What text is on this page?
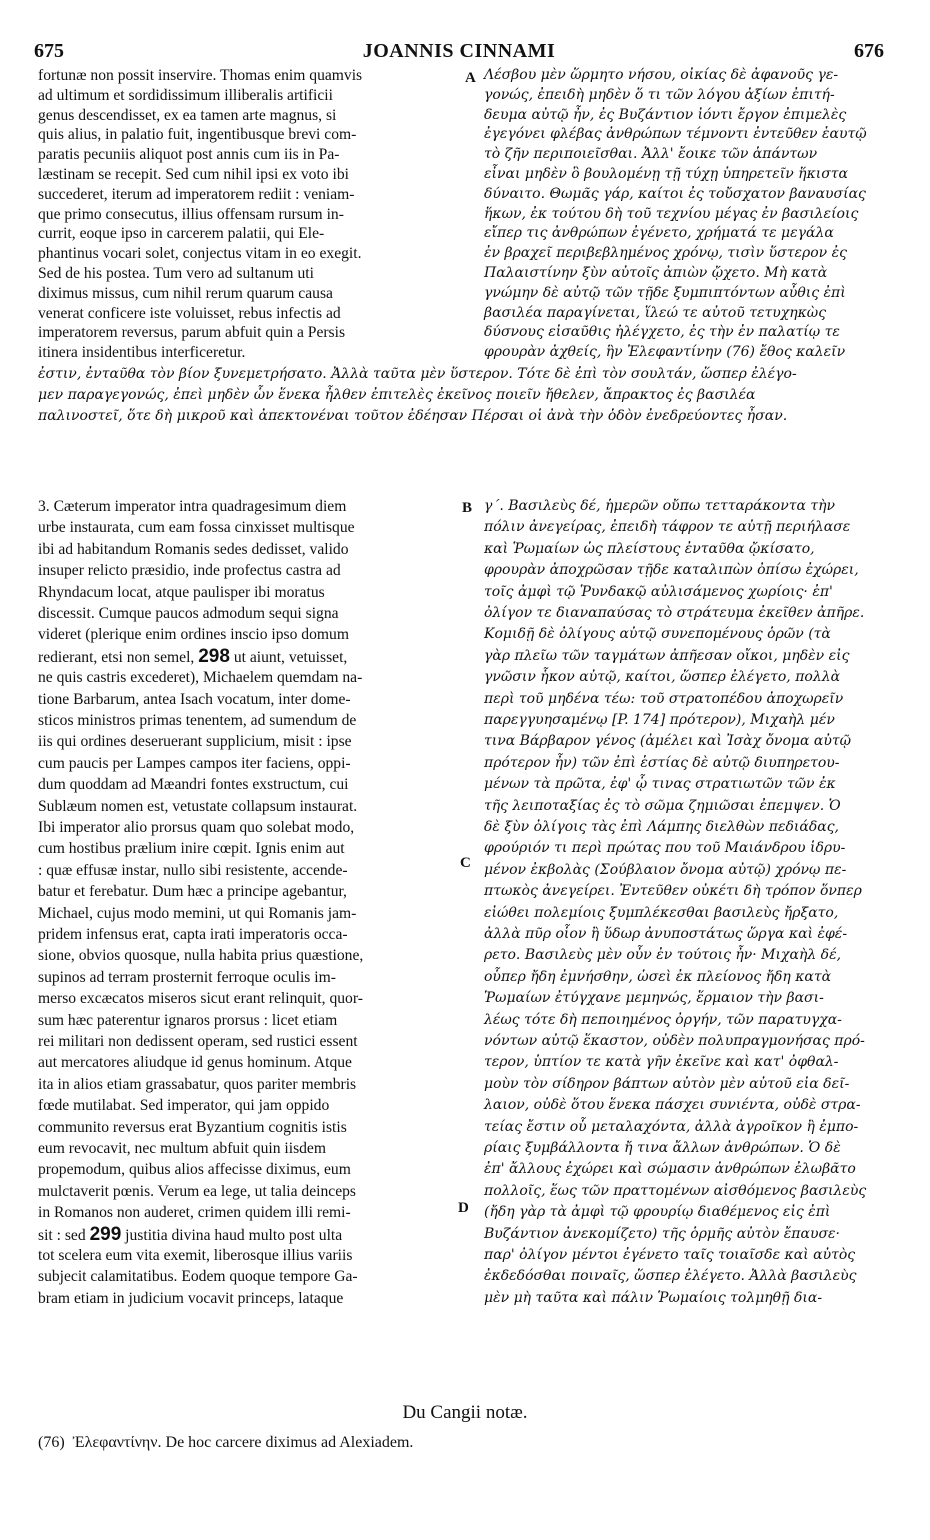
675	JOANNIS CINNAMI	676
A
B
C
D
fortunæ non possit inservire. Thomas enim quamvis
ad ultimum et sordidissimum illiberalis artificii
genus descendisset, ex ea tamen arte magnus, si
quis alius, in palatio fuit, ingentibusque brevi com-
paratis pecuniis aliquot post annis cum iis in Pa-
læstinam se recepit. Sed cum nihil ipsi ex voto ibi
succederet, iterum ad imperatorem rediit : veniam-
que primo consecutus, illius offensam rursum in-
currit, eoque ipso in carcerem palatii, qui Ele-
phantinus vocari solet, conjectus vitam in eo exegit.
Sed de his postea. Tum vero ad sultanum uti
diximus missus, cum nihil rerum quarum causa
venerat conficere iste voluisset, rebus infectis ad
imperatorem reversus, parum abfuit quin a Persis
itinera insidentibus interficeretur.
Λέσβου μὲν ὥρμητο νήσου, οἰκίας δὲ ἀφανοῦς γε-
γονώς, ἐπειδὴ μηδὲν ὅ τι τῶν λόγου ἀξίων ἐπιτή-
δευμα αὐτῷ ἦν, ἐς Βυζάντιον ἰόντι ἔργον ἐπιμελὲς
ἐγεγόνει φλέβας ἀνθρώπων τέμνοντι ἐντεῦθεν ἑαυτῷ
τὸ ζῆν περιποιεῖσθαι. Ἀλλ' ἔοικε τῶν ἁπάντων
εἶναι μηδὲν ὃ βουλομένῃ τῇ τύχῃ ὑπηρετεῖν ἥκιστα
δύναιτο. Θωμᾶς γάρ, καίτοι ἐς τοὔσχατον βαναυσίας
ἥκων, ἐκ τούτου δὴ τοῦ τεχνίου μέγας ἐν βασιλείοις
εἴπερ τις ἀνθρώπων ἐγένετο, χρήματά τε μεγάλα
ἐν βραχεῖ περιβεβλημένος χρόνῳ, τισὶν ὕστερον ἐς
Παλαιστίνην ξὺν αὐτοῖς ἀπιὼν ᾤχετο. Μὴ κατὰ
γνώμην δὲ αὐτῷ τῶν τῇδε ξυμπιπτόντων αὖθις ἐπὶ
βασιλέα παραγίνεται, ἵλεώ τε αὐτοῦ τετυχηκὼς
δύσνους εἰσαῦθις ἠλέγχετο, ἐς τὴν ἐν παλατίῳ τε
φρουρὰν ἀχθείς, ἣν Ἐλεφαντίνην (76) ἔθος καλεῖν
ἐστιν, ἐνταῦθα τὸν βίον ξυνεμετρήσατο. Ἀλλὰ ταῦτα μὲν ὕστερον. Τότε δὲ ἐπὶ τὸν σουλτάν, ὥσπερ ἐλέγο-
μεν παραγεγονώς, ἐπεὶ μηδὲν ὧν ἕνεκα ἦλθεν ἐπιτελὲς ἐκεῖνος ποιεῖν ἤθελεν, ἄπρακτος ἐς βασιλέα
παλινοστεῖ, ὅτε δὴ μικροῦ καὶ ἀπεκτονέναι τοῦτον ἐδέησαν Πέρσαι οἱ ἀνὰ τὴν ὁδὸν ἐνεδρεύοντες ἦσαν.
3. Cæterum imperator intra quadragesimum diem
urbe instaurata, cum eam fossa cinxisset multisque
ibi ad habitandum Romanis sedes dedisset, valido
insuper relicto præsidio, inde profectus castra ad
Rhyndacum locat, atque paulisper ibi moratus
discessit. Cumque paucos admodum sequi signa
videret (plerique enim ordines inscio ipso domum
redierant, etsi non semel, 298 ut aiunt, vetuisset,
ne quis castris excederet), Michaelem quemdam na-
tione Barbarum, antea Isach vocatum, inter dome-
sticos ministros primas tenentem, ad sumendum de
iis qui ordines deseruerant supplicium, misit : ipse
cum paucis per Lampes campos iter faciens, oppi-
dum quoddam ad Mæandri fontes exstructum, cui
Sublæum nomen est, vetustate collapsum instaurat.
Ibi imperator alio prorsus quam quo solebat modo,
cum hostibus prælium inire cœpit. Ignis enim aut
: quæ effusæ instar, nullo sibi resistente, accende-
batur et ferebatur. Dum hæc a principe agebantur,
Michael, cujus modo memini, ut qui Romanis jam-
pridem infensus erat, capta irati imperatoris occa-
sione, obvios quosque, nulla habita prius quæstione,
supinos ad terram prosternit ferroque oculis im-
merso excæcatos miseros sicut erant relinquit, quor-
sum hæc paterentur ignaros prorsus : licet etiam
rei militari non dedissent operam, sed rustici essent
aut mercatores aliudque id genus hominum. Atque
ita in alios etiam grassabatur, quos pariter membris
fœde mutilabat. Sed imperator, qui jam oppido
communito reversus erat Byzantium cognitis istis
eum revocavit, nec multum abfuit quin iisdem
propemodum, quibus alios affecisse diximus, eum
mulctaverit pœnis. Verum ea lege, ut talia deinceps
in Romanos non auderet, crimen quidem illi remi-
sit : sed 299 justitia divina haud multo post ulta
tot scelera eum vita exemit, liberosque illius variis
subjecit calamitatibus. Eodem quoque tempore Ga-
bram etiam in judicium vocavit princeps, lataque
γ΄. Βασιλεὺς δέ, ἡμερῶν οὔπω τετταράκοντα τὴν
πόλιν ἀνεγείρας, ἐπειδὴ τάφρον τε αὐτῇ περιήλασε
καὶ Ῥωμαίων ὡς πλείστους ἐνταῦθα ᾤκίσατο,
φρουρὰν ἀποχρῶσαν τῇδε καταλιπὼν ὀπίσω ἐχώρει,
τοῖς ἀμφὶ τῷ Ῥυνδακῷ αὐλισάμενος χωρίοις· ἐπ'
ὀλίγον τε διαναπαύσας τὸ στράτευμα ἐκεῖθεν ἀπῆρε.
Κομιδῇ δὲ ὀλίγους αὐτῷ συνεπομένους ὁρῶν (τὰ
γὰρ πλεῖω τῶν ταγμάτων ἀπῆεσαν οἴκοι, μηδὲν εἰς
γνῶσιν ἧκον αὐτῷ, καίτοι, ὥσπερ ἐλέγετο, πολλὰ
περὶ τοῦ μηδένα τέω: τοῦ στρατοπέδου ἀποχωρεῖν
παρεγγυησαμένῳ [P. 174] πρότερον), Μιχαὴλ μέν
τινα Βάρβαρον γένος (ἀμέλει καὶ Ἰσὰχ ὄνομα αὐτῷ
πρότερον ἦν) τῶν ἐπὶ ἑστίας δὲ αὐτῷ διυπηρετου-
μένων τὰ πρῶτα, ἐφ' ᾧ τινας στρατιωτῶν τῶν ἐκ
τῆς λειποταξίας ἐς τὸ σῶμα ζημιῶσαι ἐπεμψεν. Ὁ
δὲ ξὺν ὀλίγοις τὰς ἐπὶ Λάμπης διελθὼν πεδιάδας,
φρούριόν τι περὶ πρώτας που τοῦ Μαιάνδρου ἱδρυ-
μένον ἐκβολὰς (Σούβλαιον ὄνομα αὐτῷ) χρόνῳ πε-
πτωκὸς ἀνεγείρει. Ἐντεῦθεν οὐκέτι δὴ τρόπον ὅνπερ
εἰώθει πολεμίοις ξυμπλέκεσθαι βασιλεὺς ἤρξατο,
ἀλλὰ πῦρ οἷον ἢ ὕδωρ ἀνυποστάτως ὥργα καὶ ἐφέ-
ρετο. Βασιλεὺς μὲν οὖν ἐν τούτοις ἦν· Μιχαὴλ δέ,
οὗπερ ἤδη ἐμνήσθην, ὡσεὶ ἐκ πλείονος ἤδη κατὰ
Ῥωμαίων ἐτύγχανε μεμηνώς, ἕρμαιον τὴν βασι-
λέως τότε δὴ πεποιημένος ὀργήν, τῶν παρατυγχα-
νόντων αὐτῷ ἕκαστον, οὐδὲν πολυπραγμονήσας πρό-
τερον, ὑπτίον τε κατὰ γῆν ἐκεῖνε καὶ κατ' ὀφθαλ-
μοὺν τὸν σίδηρον βάπτων αὐτὸν μὲν αὐτοῦ εἰα δεῖ-
λαιον, οὐδὲ ὅτου ἕνεκα πάσχει συνιέντα, οὐδὲ στρα-
τείας ἔστιν οὗ μεταλαχόντα, ἀλλὰ ἀγροῖκον ἢ ἐμπο-
ρίαις ξυμβάλλοντα ἤ τινα ἄλλων ἀνθρώπων. Ὁ δὲ
ἐπ' ἄλλους ἐχώρει καὶ σώμασιν ἀνθρώπων ἐλωβᾶτο
πολλοῖς, ἕως τῶν πραττομένων αἰσθόμενος βασιλεὺς
(ἤδη γὰρ τὰ ἀμφὶ τῷ φρουρίῳ διαθέμενος εἰς ἐπὶ
Βυζάντιον ἀνεκομίζετο) τῆς ὁρμῆς αὐτὸν ἔπαυσε·
παρ' ὀλίγον μέντοι ἐγένετο ταῖς τοιαῖσδε καὶ αὐτὸς
ἐκδεδόσθαι ποιναῖς, ὥσπερ ἐλέγετο. Ἀλλὰ βασιλεὺς
μὲν μὴ ταῦτα καὶ πάλιν Ῥωμαίοις τολμηθῇ δια-
Du Cangii notæ.
(76)  Ἐλεφαντίνην. De hoc carcere diximus ad Alexiadem.
